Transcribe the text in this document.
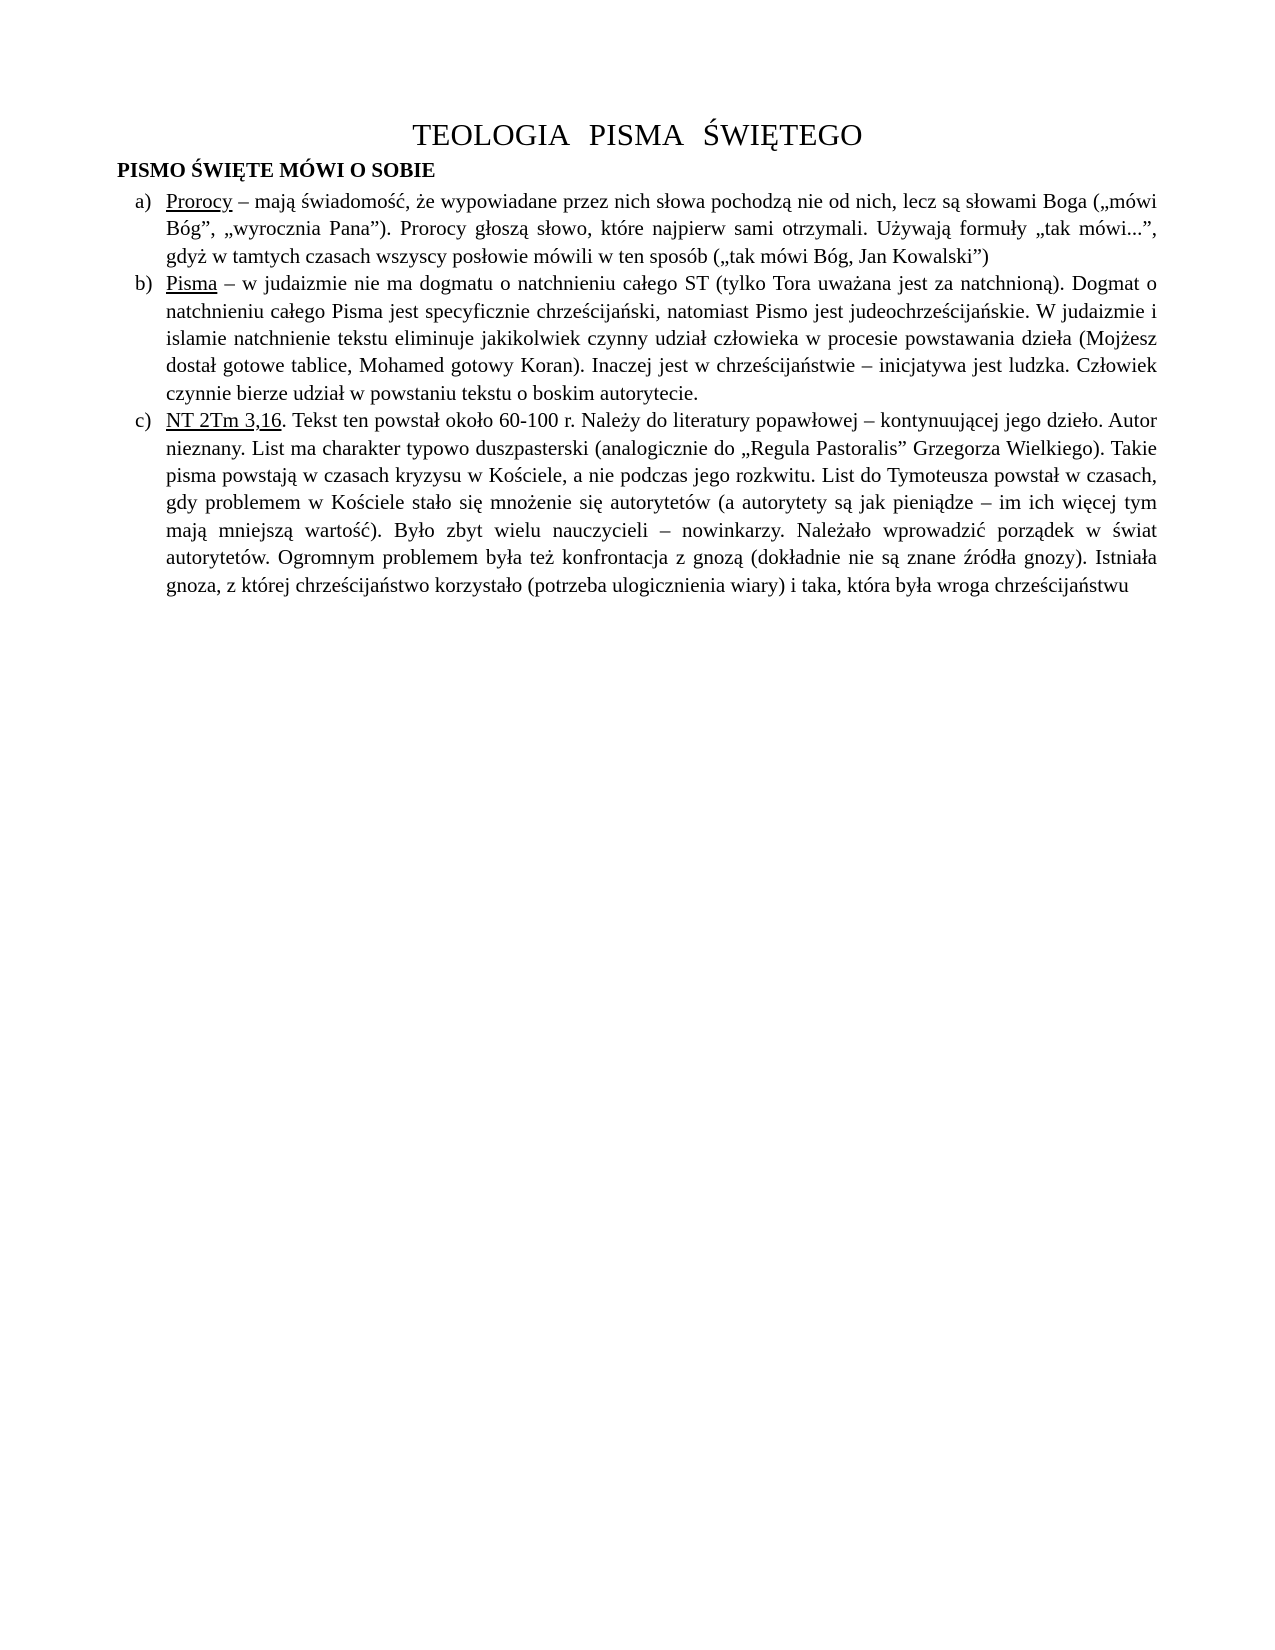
TEOLOGIA PISMA ŚWIĘTEGO
PISMO ŚWIĘTE MÓWI O SOBIE
a) Prorocy – mają świadomość, że wypowiadane przez nich słowa pochodzą nie od nich, lecz są słowami Boga („mówi Bóg”, „wyrocznia Pana”). Prorocy głoszą słowo, które najpierw sami otrzymali. Używają formuły „tak mówi...”, gdyż w tamtych czasach wszyscy posłowie mówili w ten sposób („tak mówi Bóg, Jan Kowalski”)
b) Pisma – w judaizmie nie ma dogmatu o natchnieniu całego ST (tylko Tora uważana jest za natchnioną). Dogmat o natchnieniu całego Pisma jest specyficznie chrześcijański, natomiast Pismo jest judeochrześcijańskie. W judaizmie i islamie natchnienie tekstu eliminuje jakikolwiek czynny udział człowieka w procesie powstawania dzieła (Mojżesz dostał gotowe tablice, Mohamed gotowy Koran). Inaczej jest w chrześcijaństwie – inicjatywa jest ludzka. Człowiek czynnie bierze udział w powstaniu tekstu o boskim autorytecie.
c) NT 2Tm 3,16. Tekst ten powstał około 60-100 r. Należy do literatury popawłowej – kontynuującej jego dzieło. Autor nieznany. List ma charakter typowo duszpasterski (analogicznie do „Regula Pastoralis” Grzegorza Wielkiego). Takie pisma powstają w czasach kryzysu w Kościele, a nie podczas jego rozkwitu. List do Tymoteusza powstał w czasach, gdy problemem w Kościele stało się mnożenie się autorytetów (a autorytety są jak pieniądze – im ich więcej tym mają mniejszą wartość). Było zbyt wielu nauczycieli – nowinkarzy. Należało wprowadzić porządek w świat autorytetów. Ogromnym problemem była też konfrontacja z gnozą (dokładnie nie są znane źródła gnozy). Istniała gnoza, z której chrześcijaństwo korzystało (potrzeba ulogicznienia wiary) i taka, która była wroga chrześcijaństwu
